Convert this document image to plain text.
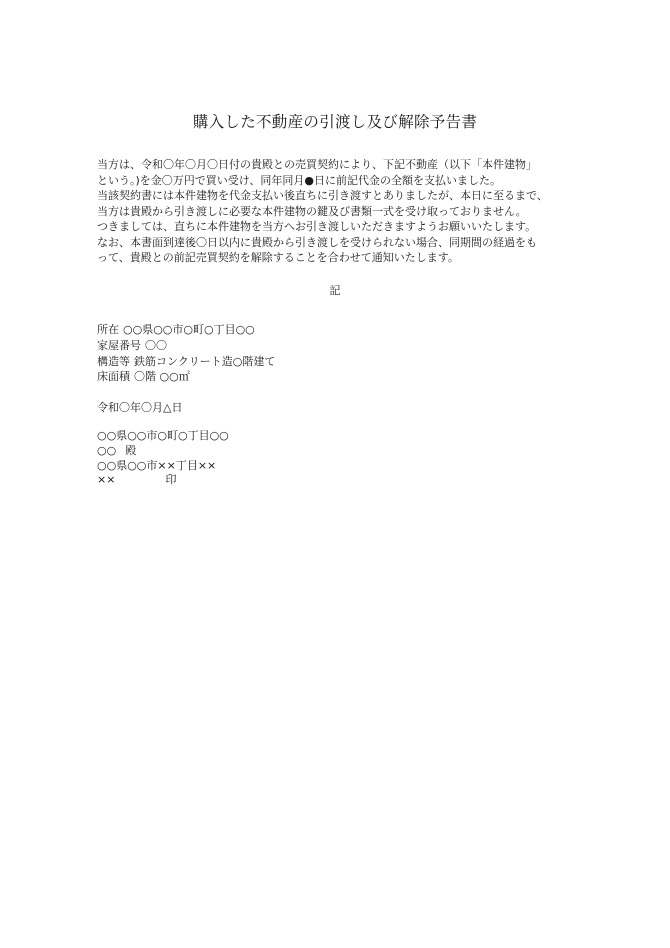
購入した不動産の引渡し及び解除予告書
当方は、令和〇年〇月〇日付の貴殿との売買契約により、下記不動産（以下「本件建物」
という。)を金〇万円で買い受け、同年同月●日に前記代金の全額を支払いました。
当該契約書には本件建物を代金支払い後直ちに引き渡すとありましたが、本日に至るまで、
当方は貴殿から引き渡しに必要な本件建物の鍵及び書類一式を受け取っておりません。
つきましては、直ちに本件建物を当方へお引き渡しいただきますようお願いいたします。
なお、本書面到達後〇日以内に貴殿から引き渡しを受けられない場合、同期間の経過をも
って、貴殿との前記売買契約を解除することを合わせて通知いたします。
記
所在 ○○県○○市○町○丁目○○
家屋番号 〇〇
構造等 鉄筋コンクリート造○階建て
床面積 〇階 ○○㎡
令和〇年〇月△日
○○県○○市○町○丁目○○
○○ 殿
○○県○○市××丁目××
××	印
